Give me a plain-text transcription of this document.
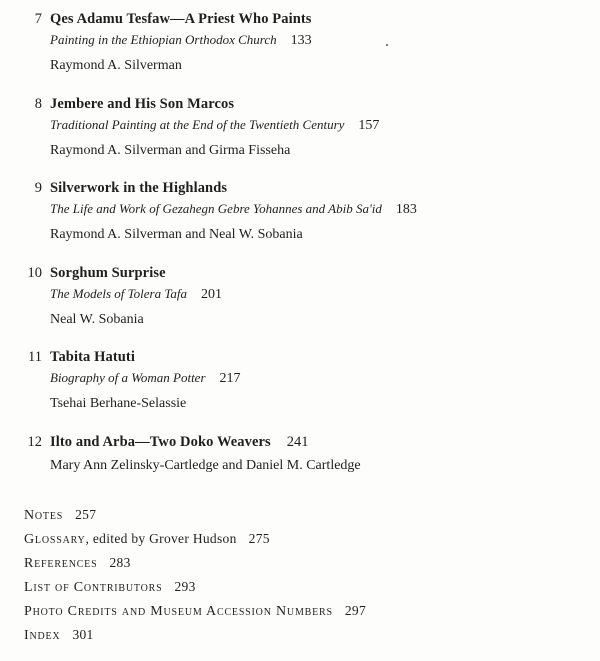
7 Qes Adamu Tesfaw—A Priest Who Paints
Painting in the Ethiopian Orthodox Church 133
Raymond A. Silverman
8 Jembere and His Son Marcos
Traditional Painting at the End of the Twentieth Century 157
Raymond A. Silverman and Girma Fisseha
9 Silverwork in the Highlands
The Life and Work of Gezahegn Gebre Yohannes and Abib Sa'id 183
Raymond A. Silverman and Neal W. Sobania
10 Sorghum Surprise
The Models of Tolera Tafa 201
Neal W. Sobania
11 Tabita Hatuti
Biography of a Woman Potter 217
Tsehai Berhane-Selassie
12 Ilto and Arba—Two Doko Weavers 241
Mary Ann Zelinsky-Cartledge and Daniel M. Cartledge
Notes 257
Glossary, edited by Grover Hudson 275
References 283
List of Contributors 293
Photo Credits and Museum Accession Numbers 297
Index 301
